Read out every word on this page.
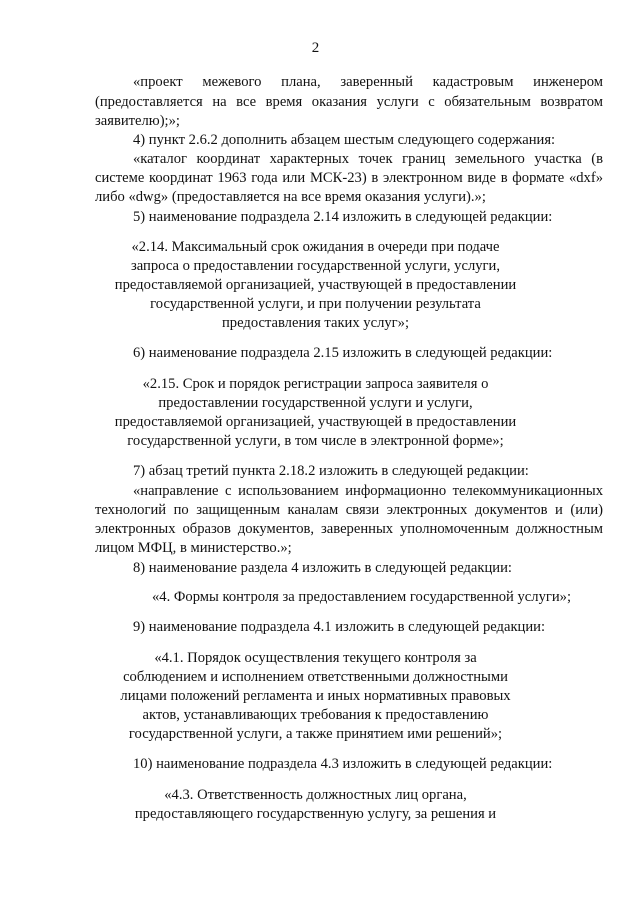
2
«проект межевого плана, заверенный кадастровым инженером
(предоставляется на все время оказания услуги с обязательным возвратом
заявителю);»;
4) пункт 2.6.2 дополнить абзацем шестым следующего содержания:
«каталог координат характерных точек границ земельного участка (в
системе координат 1963 года или МСК-23) в электронном виде в формате «dxf»
либо «dwg» (предоставляется на все время оказания услуги).»;
5) наименование подраздела 2.14 изложить в следующей редакции:
«2.14. Максимальный срок ожидания в очереди при подаче
запроса о предоставлении государственной услуги, услуги,
предоставляемой организацией, участвующей в предоставлении
государственной услуги, и при получении результата
предоставления таких услуг»;
6) наименование подраздела 2.15 изложить в следующей редакции:
«2.15. Срок и порядок регистрации запроса заявителя о
предоставлении государственной услуги и услуги,
предоставляемой организацией, участвующей в предоставлении
государственной услуги, в том числе в электронной форме»;
7) абзац третий пункта 2.18.2 изложить в следующей редакции:
«направление с использованием информационно телекоммуникационных
технологий по защищенным каналам связи электронных документов и (или)
электронных образов документов, заверенных уполномоченным должностным
лицом МФЦ, в министерство.»;
8) наименование раздела 4 изложить в следующей редакции:
«4. Формы контроля за предоставлением государственной услуги»;
9) наименование подраздела 4.1 изложить в следующей редакции:
«4.1. Порядок осуществления текущего контроля за
соблюдением и исполнением ответственными должностными
лицами положений регламента и иных нормативных правовых
актов, устанавливающих требования к предоставлению
государственной услуги, а также принятием ими решений»;
10) наименование подраздела 4.3 изложить в следующей редакции:
«4.3. Ответственность должностных лиц органа,
предоставляющего государственную услугу, за решения и
